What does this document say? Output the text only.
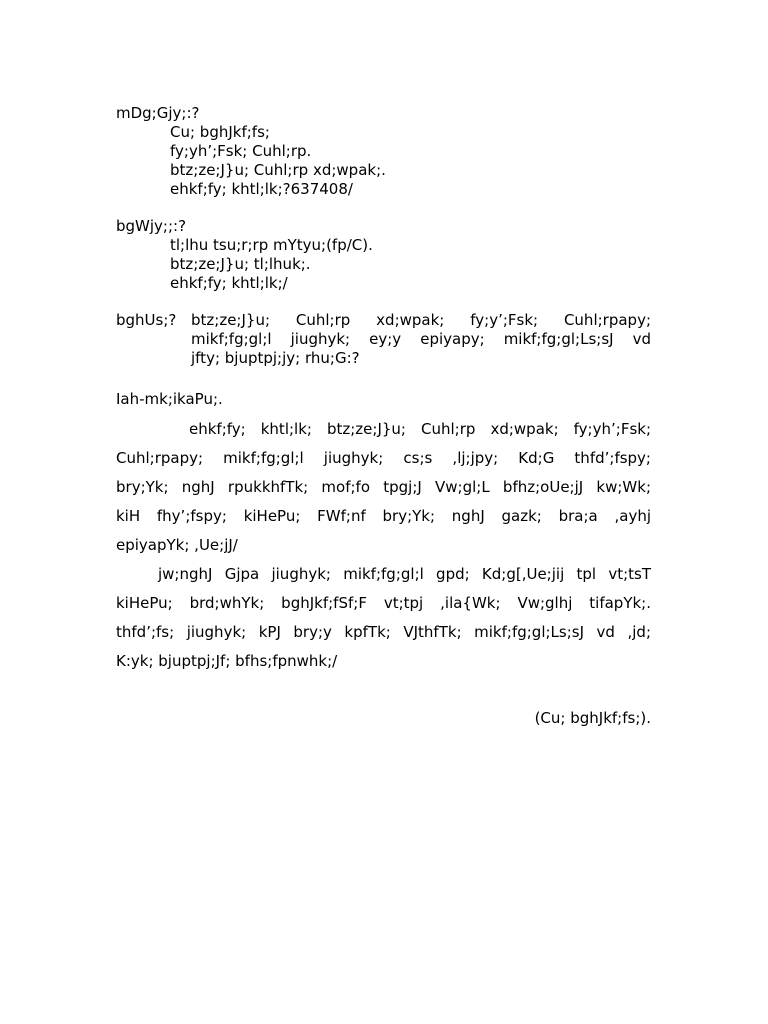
mDg;Gjy;:?
Cu; bghJkf;fs;
fy;yh’;Fsk; Cuhl;rp.
btz;ze;J}u; Cuhl;rp xd;wpak;.
ehkf;fy; khtl;lk;?637408/
bgWjy;;:?
tl;lhu tsu;r;rp mYtyu;(fp/C).
btz;ze;J}u; tl;lhuk;.
ehkf;fy; khtl;lk;/
bghUs;? btz;ze;J}u; Cuhl;rp xd;wpak; fy;y’;Fsk; Cuhl;rpapy;
mikf;fg;gl;l jiughyk; ey;y epiyapy; mikf;fg;gl;Ls;sJ vd
jfty; bjuptpj;jy; rhu;G:?
Iah-mk;ikaPu;.
ehkf;fy; khtl;lk; btz;ze;J}u; Cuhl;rp xd;wpak; fy;yh’;Fsk;
Cuhl;rpapy; mikf;fg;gl;l jiughyk; cs;s ,lj;jpy; Kd;G thfd’;fspy;
bry;Yk; nghJ rpukkhfTk; mof;fo tpgj;J Vw;gl;L bfhz;oUe;jJ kw;Wk;
kiH fhy’;fspy; kiHePu; FWf;nf bry;Yk; nghJ gazk; bra;a ,ayhj
epiyapYk; ,Ue;jJ/
jw;nghJ Gjpa jiughyk; mikf;fg;gl;l gpd; Kd;g[,Ue;jij tpl vt;tsT
kiHePu; brd;whYk; bghJkf;fSf;F vt;tpj ,ila{Wk; Vw;glhj tifapYk;.
thfd’;fs; jiughyk; kPJ bry;y kpfTk; VJthfTk; mikf;fg;gl;Ls;sJ vd ,jd;
K:yk; bjuptpj;Jf; bfhs;fpnwhk;/
(Cu; bghJkf;fs;).
